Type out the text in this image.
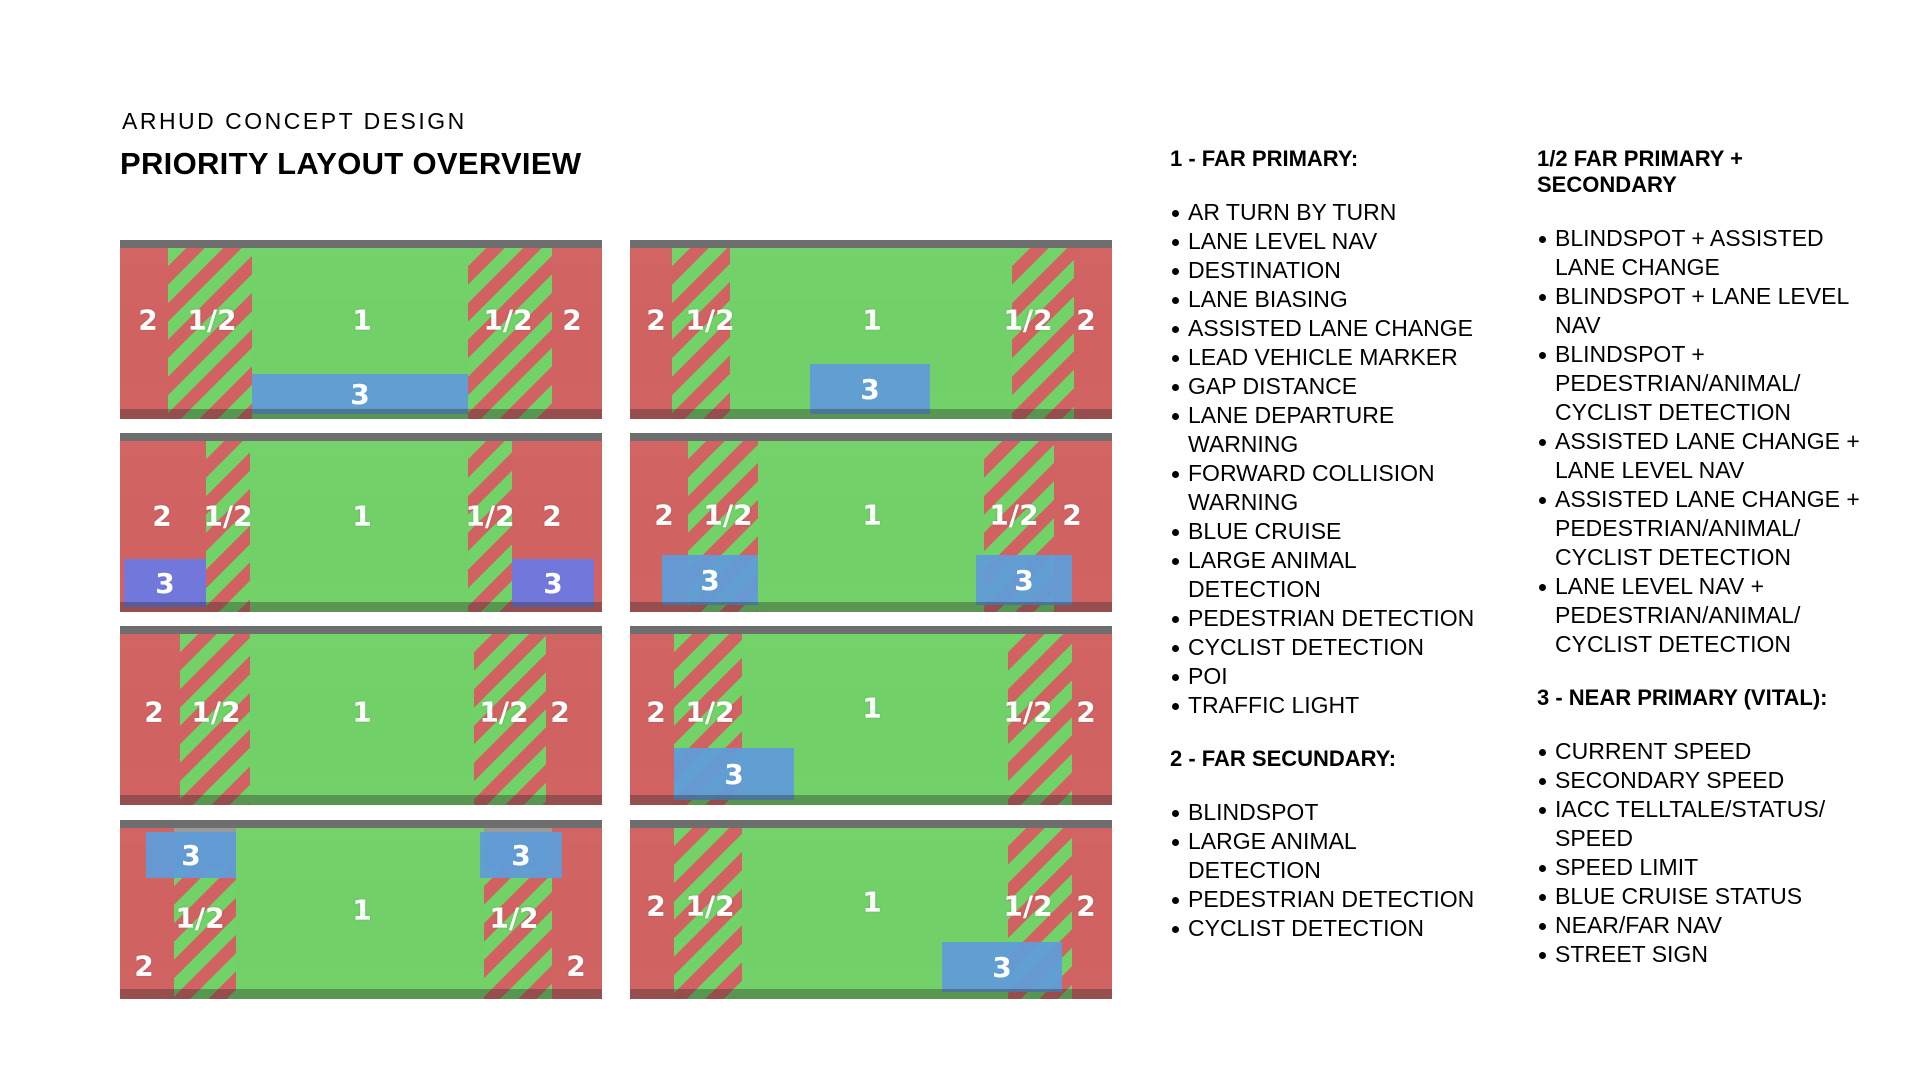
ARHUD CONCEPT DESIGN
PRIORITY LAYOUT OVERVIEW
3
2 1/2	1	1/2 2
3
2 1/2	1	1/2 2
3	3
2 1/2	1	1/2 2
3	3
2 1/2	1	1/2 2
2 1/2	1	1/2 2
3
2 1/2	1	1/2 2
3	3
1/2	1	1/2
2	2	3
2 1/2	1	1/2 2
1 - FAR PRIMARY:
AR TURN BY TURN
LANE LEVEL NAV
DESTINATION
LANE BIASING
ASSISTED LANE CHANGE
LEAD VEHICLE MARKER
GAP DISTANCE
LANE DEPARTURE WARNING
FORWARD COLLISION WARNING
BLUE CRUISE
LARGE ANIMAL DETECTION
PEDESTRIAN DETECTION
CYCLIST DETECTION
POI
TRAFFIC LIGHT
2 - FAR SECUNDARY:
BLINDSPOT
LARGE ANIMAL DETECTION
PEDESTRIAN DETECTION
CYCLIST DETECTION
1/2 FAR PRIMARY + SECONDARY
BLINDSPOT + ASSISTED LANE CHANGE
BLINDSPOT + LANE LEVEL NAV
BLINDSPOT + PEDESTRIAN/ANIMAL/ CYCLIST DETECTION
ASSISTED LANE CHANGE + LANE LEVEL NAV
ASSISTED LANE CHANGE + PEDESTRIAN/ANIMAL/ CYCLIST DETECTION
LANE LEVEL NAV + PEDESTRIAN/ANIMAL/ CYCLIST DETECTION
3 - NEAR PRIMARY (VITAL):
CURRENT SPEED
SECONDARY SPEED
IACC TELLTALE/STATUS/ SPEED
SPEED LIMIT
BLUE CRUISE STATUS
NEAR/FAR NAV
STREET SIGN
